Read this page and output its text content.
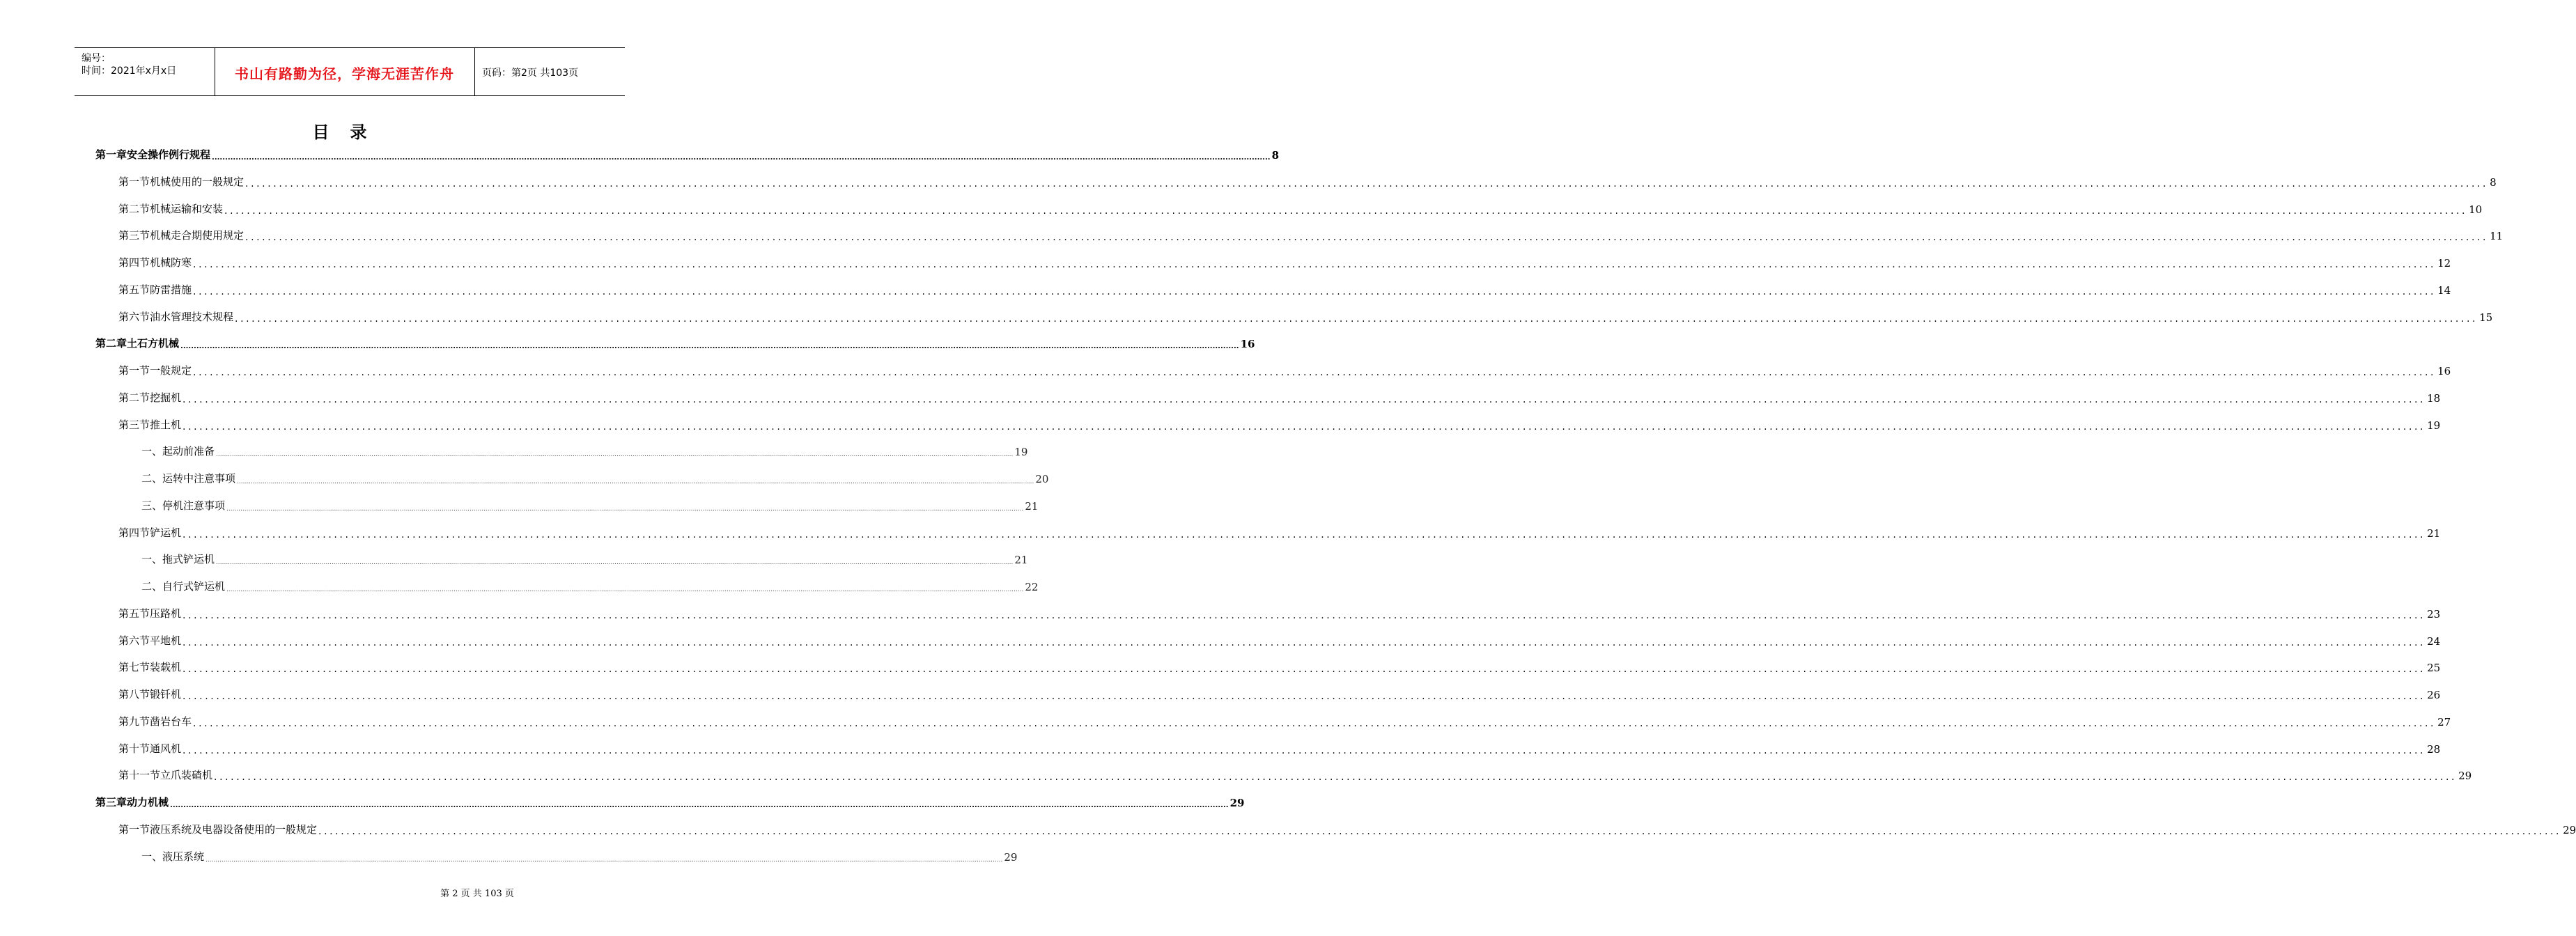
编号：
时间：2021年x月x日	书山有路勤为径，学海无涯苦作舟	页码：第2页 共103页
目录
第一章 安全操作例行规程 ................................................................................................................................................................................................................................................................................................................................................................................................................ 8
第一节 机械使用的一般规定 ................................................................................................................................................................................................................................................................................................................................................................................................................ 8
第二节 机械运输和安装 ................................................................................................................................................................................................................................................................................................................................................................................................................ 10
第三节 机械走合期使用规定 ................................................................................................................................................................................................................................................................................................................................................................................................................ 11
第四节 机械防寒 ................................................................................................................................................................................................................................................................................................................................................................................................................ 12
第五节 防雷措施 ................................................................................................................................................................................................................................................................................................................................................................................................................ 14
第六节 油水管理技术规程 ................................................................................................................................................................................................................................................................................................................................................................................................................ 15
第二章 土石方机械 ................................................................................................................................................................................................................................................................................................................................................................................................................ 16
第一节 一般规定 ................................................................................................................................................................................................................................................................................................................................................................................................................ 16
第二节 挖掘机 ................................................................................................................................................................................................................................................................................................................................................................................................................ 18
第三节 推土机 ................................................................................................................................................................................................................................................................................................................................................................................................................ 19
一、起动前准备 ................................................................................................................................................................................................................................................................................................................................................................................................................ 19
二、运转中注意事项 ................................................................................................................................................................................................................................................................................................................................................................................................................ 20
三、停机注意事项 ................................................................................................................................................................................................................................................................................................................................................................................................................ 21
第四节 铲运机 ................................................................................................................................................................................................................................................................................................................................................................................................................ 21
一、拖式铲运机 ................................................................................................................................................................................................................................................................................................................................................................................................................ 21
二、自行式铲运机 ................................................................................................................................................................................................................................................................................................................................................................................................................ 22
第五节 压路机 ................................................................................................................................................................................................................................................................................................................................................................................................................ 23
第六节 平地机 ................................................................................................................................................................................................................................................................................................................................................................................................................ 24
第七节 装载机 ................................................................................................................................................................................................................................................................................................................................................................................................................ 25
第八节 锻钎机 ................................................................................................................................................................................................................................................................................................................................................................................................................ 26
第九节 凿岩台车 ................................................................................................................................................................................................................................................................................................................................................................................................................ 27
第十节 通风机 ................................................................................................................................................................................................................................................................................................................................................................................................................ 28
第十一节 立爪装碴机 ................................................................................................................................................................................................................................................................................................................................................................................................................ 29
第三章 动力机械 ................................................................................................................................................................................................................................................................................................................................................................................................................ 29
第一节 液压系统及电器设备使用的一般规定 ................................................................................................................................................................................................................................................................................................................................................................................................................ 29
一、液压系统 ................................................................................................................................................................................................................................................................................................................................................................................................................ 29
第 2 页 共 103 页
